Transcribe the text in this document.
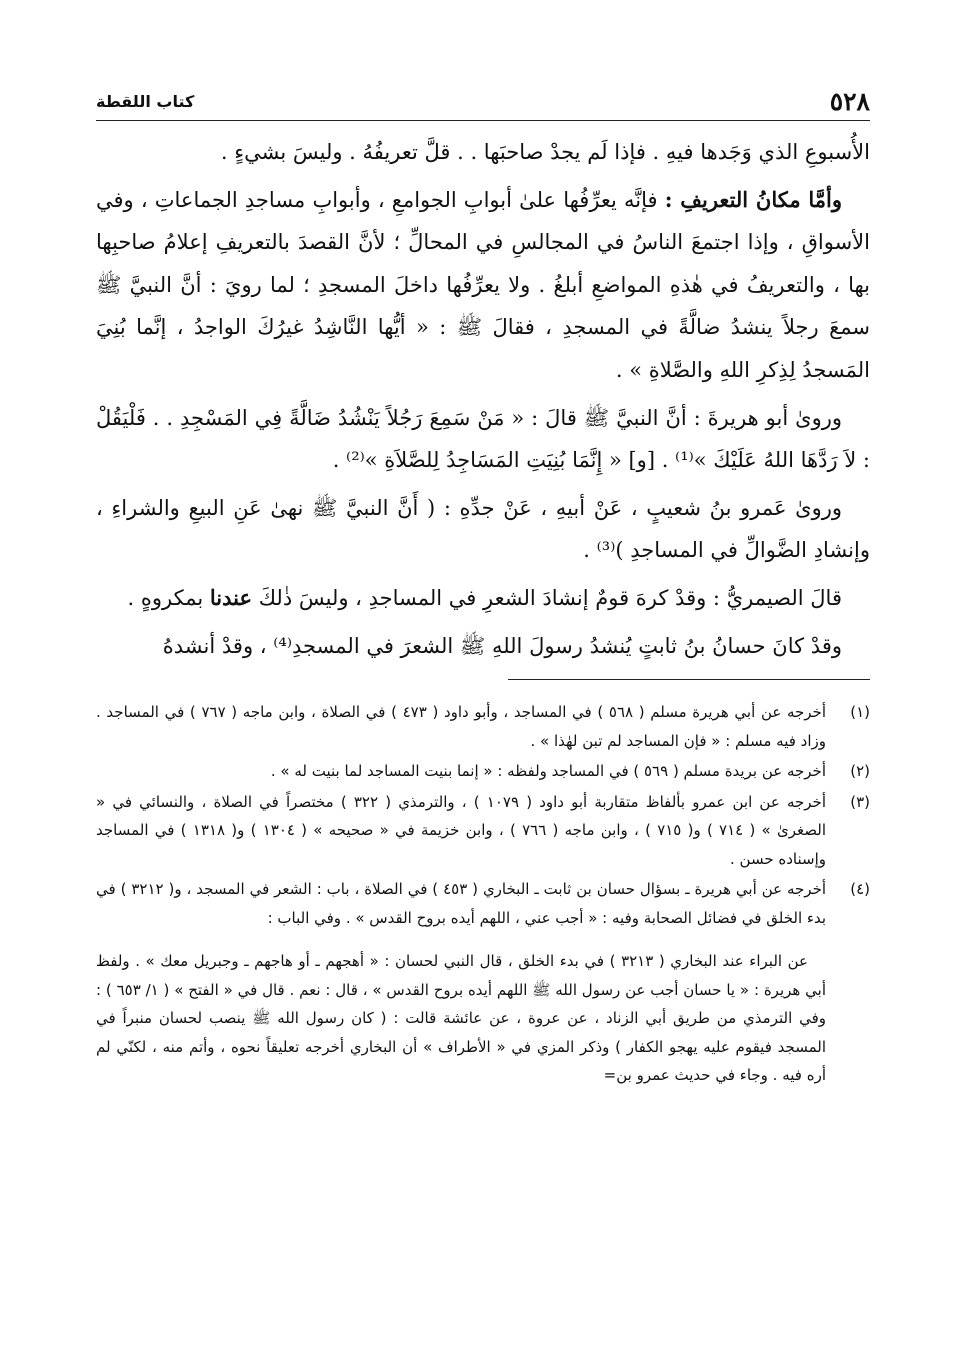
٥٢٨
كتاب اللقطة

الأُسبوعِ الذي وَجَدها فيهِ . فإذا لَم يجدْ صاحبَها . . قلَّ تعريفُهُ . وليسَ بشيءٍ .

وأمَّا مكانُ التعريفِ : فإنَّه يعرِّفُها علىٰ أبوابِ الجوامعِ ، وأبوابِ مساجدِ الجماعاتِ ، وفي الأسواقِ ، وإذا اجتمعَ الناسُ في المجالسِ في المحالِّ ؛ لأنَّ القصدَ بالتعريفِ إعلامُ صاحبِها بها ، والتعريفُ في هٰذهِ المواضعِ أبلغُ . ولا يعرِّفُها داخلَ المسجدِ ؛ لما رويَ : أنَّ النبيَّ ﷺ سمعَ رجلاً ينشدُ ضالَّةً في المسجدِ ، فقالَ ﷺ : « أيُّها النَّاشِدُ غيرُكَ الواجدُ ، إنَّما بُنِيَ المَسجدُ لِذِكرِ اللهِ والصَّلاةِ » .

وروىٰ أبو هريرةَ : أنَّ النبيَّ ﷺ قالَ : « مَنْ سَمِعَ رَجُلاً يَنْشُدُ ضَالَّةً فِي المَسْجِدِ . . فَلْيَقُلْ : لاَ رَدَّهَا اللهُ عَلَيْكَ »⁽¹⁾ . [و] « إِنَّمَا بُنِيَتِ المَسَاجِدُ لِلصَّلاَةِ »⁽²⁾ .

وروىٰ عَمرو بنُ شعيبٍ ، عَنْ أبيهِ ، عَنْ جدِّهِ : ( أَنَّ النبيَّ ﷺ نهىٰ عَنِ البيعِ والشراءِ ، وإنشادِ الضَّوالِّ في المساجدِ )⁽³⁾ .

قالَ الصيمريُّ : وقدْ كرهَ قومٌ إنشادَ الشعرِ في المساجدِ ، وليسَ ذٰلكَ عندنا بمكروهٍ .

وقدْ كانَ حسانُ بنُ ثابتٍ يُنشدُ رسولَ اللهِ ﷺ الشعرَ في المسجدِ⁽⁴⁾ ، وقدْ أنشدهُ

(١)
أخرجه عن أبي هريرة مسلم ( ٥٦٨ ) في المساجد ، وأبو داود ( ٤٧٣ ) في الصلاة ، وابن ماجه ( ٧٦٧ ) في المساجد . وزاد فيه مسلم : « فإن المساجد لم تبن لهٰذا » .
(٢)
أخرجه عن بريدة مسلم ( ٥٦٩ ) في المساجد ولفظه : « إنما بنيت المساجد لما بنيت له » .
(٣)
أخرجه عن ابن عمرو بألفاظ متقاربة أبو داود ( ١٠٧٩ ) ، والترمذي ( ٣٢٢ ) مختصراً في الصلاة ، والنسائي في « الصغرىٰ » ( ٧١٤ ) و( ٧١٥ ) ، وابن ماجه ( ٧٦٦ ) ، وابن خزيمة في « صحيحه » ( ١٣٠٤ ) و( ١٣١٨ ) في المساجد وإسناده حسن .
(٤)
أخرجه عن أبي هريرة ـ بسؤال حسان بن ثابت ـ البخاري ( ٤٥٣ ) في الصلاة ، باب : الشعر في المسجد ، و( ٣٢١٢ ) في بدء الخلق في فضائل الصحابة وفيه : « أجب عني ، اللهم أيده بروح القدس » . وفي الباب :

عن البراء عند البخاري ( ٣٢١٣ ) في بدء الخلق ، قال النبي لحسان : « أهجهم ـ أو هاجهم ـ وجبريل معك » . ولفظ أبي هريرة : « يا حسان أجب عن رسول الله ﷺ اللهم أيده بروح القدس » ، قال : نعم . قال في « الفتح » ( ١/ ٦٥٣ ) : وفي الترمذي من طريق أبي الزناد ، عن عروة ، عن عائشة قالت : ( كان رسول الله ﷺ ينصب لحسان منبراً في المسجد فيقوم عليه يهجو الكفار ) وذكر المزي في « الأطراف » أن البخاري أخرجه تعليقاً نحوه ، وأتم منه ، لكنّي لم أره فيه . وجاء في حديث عمرو بن=
